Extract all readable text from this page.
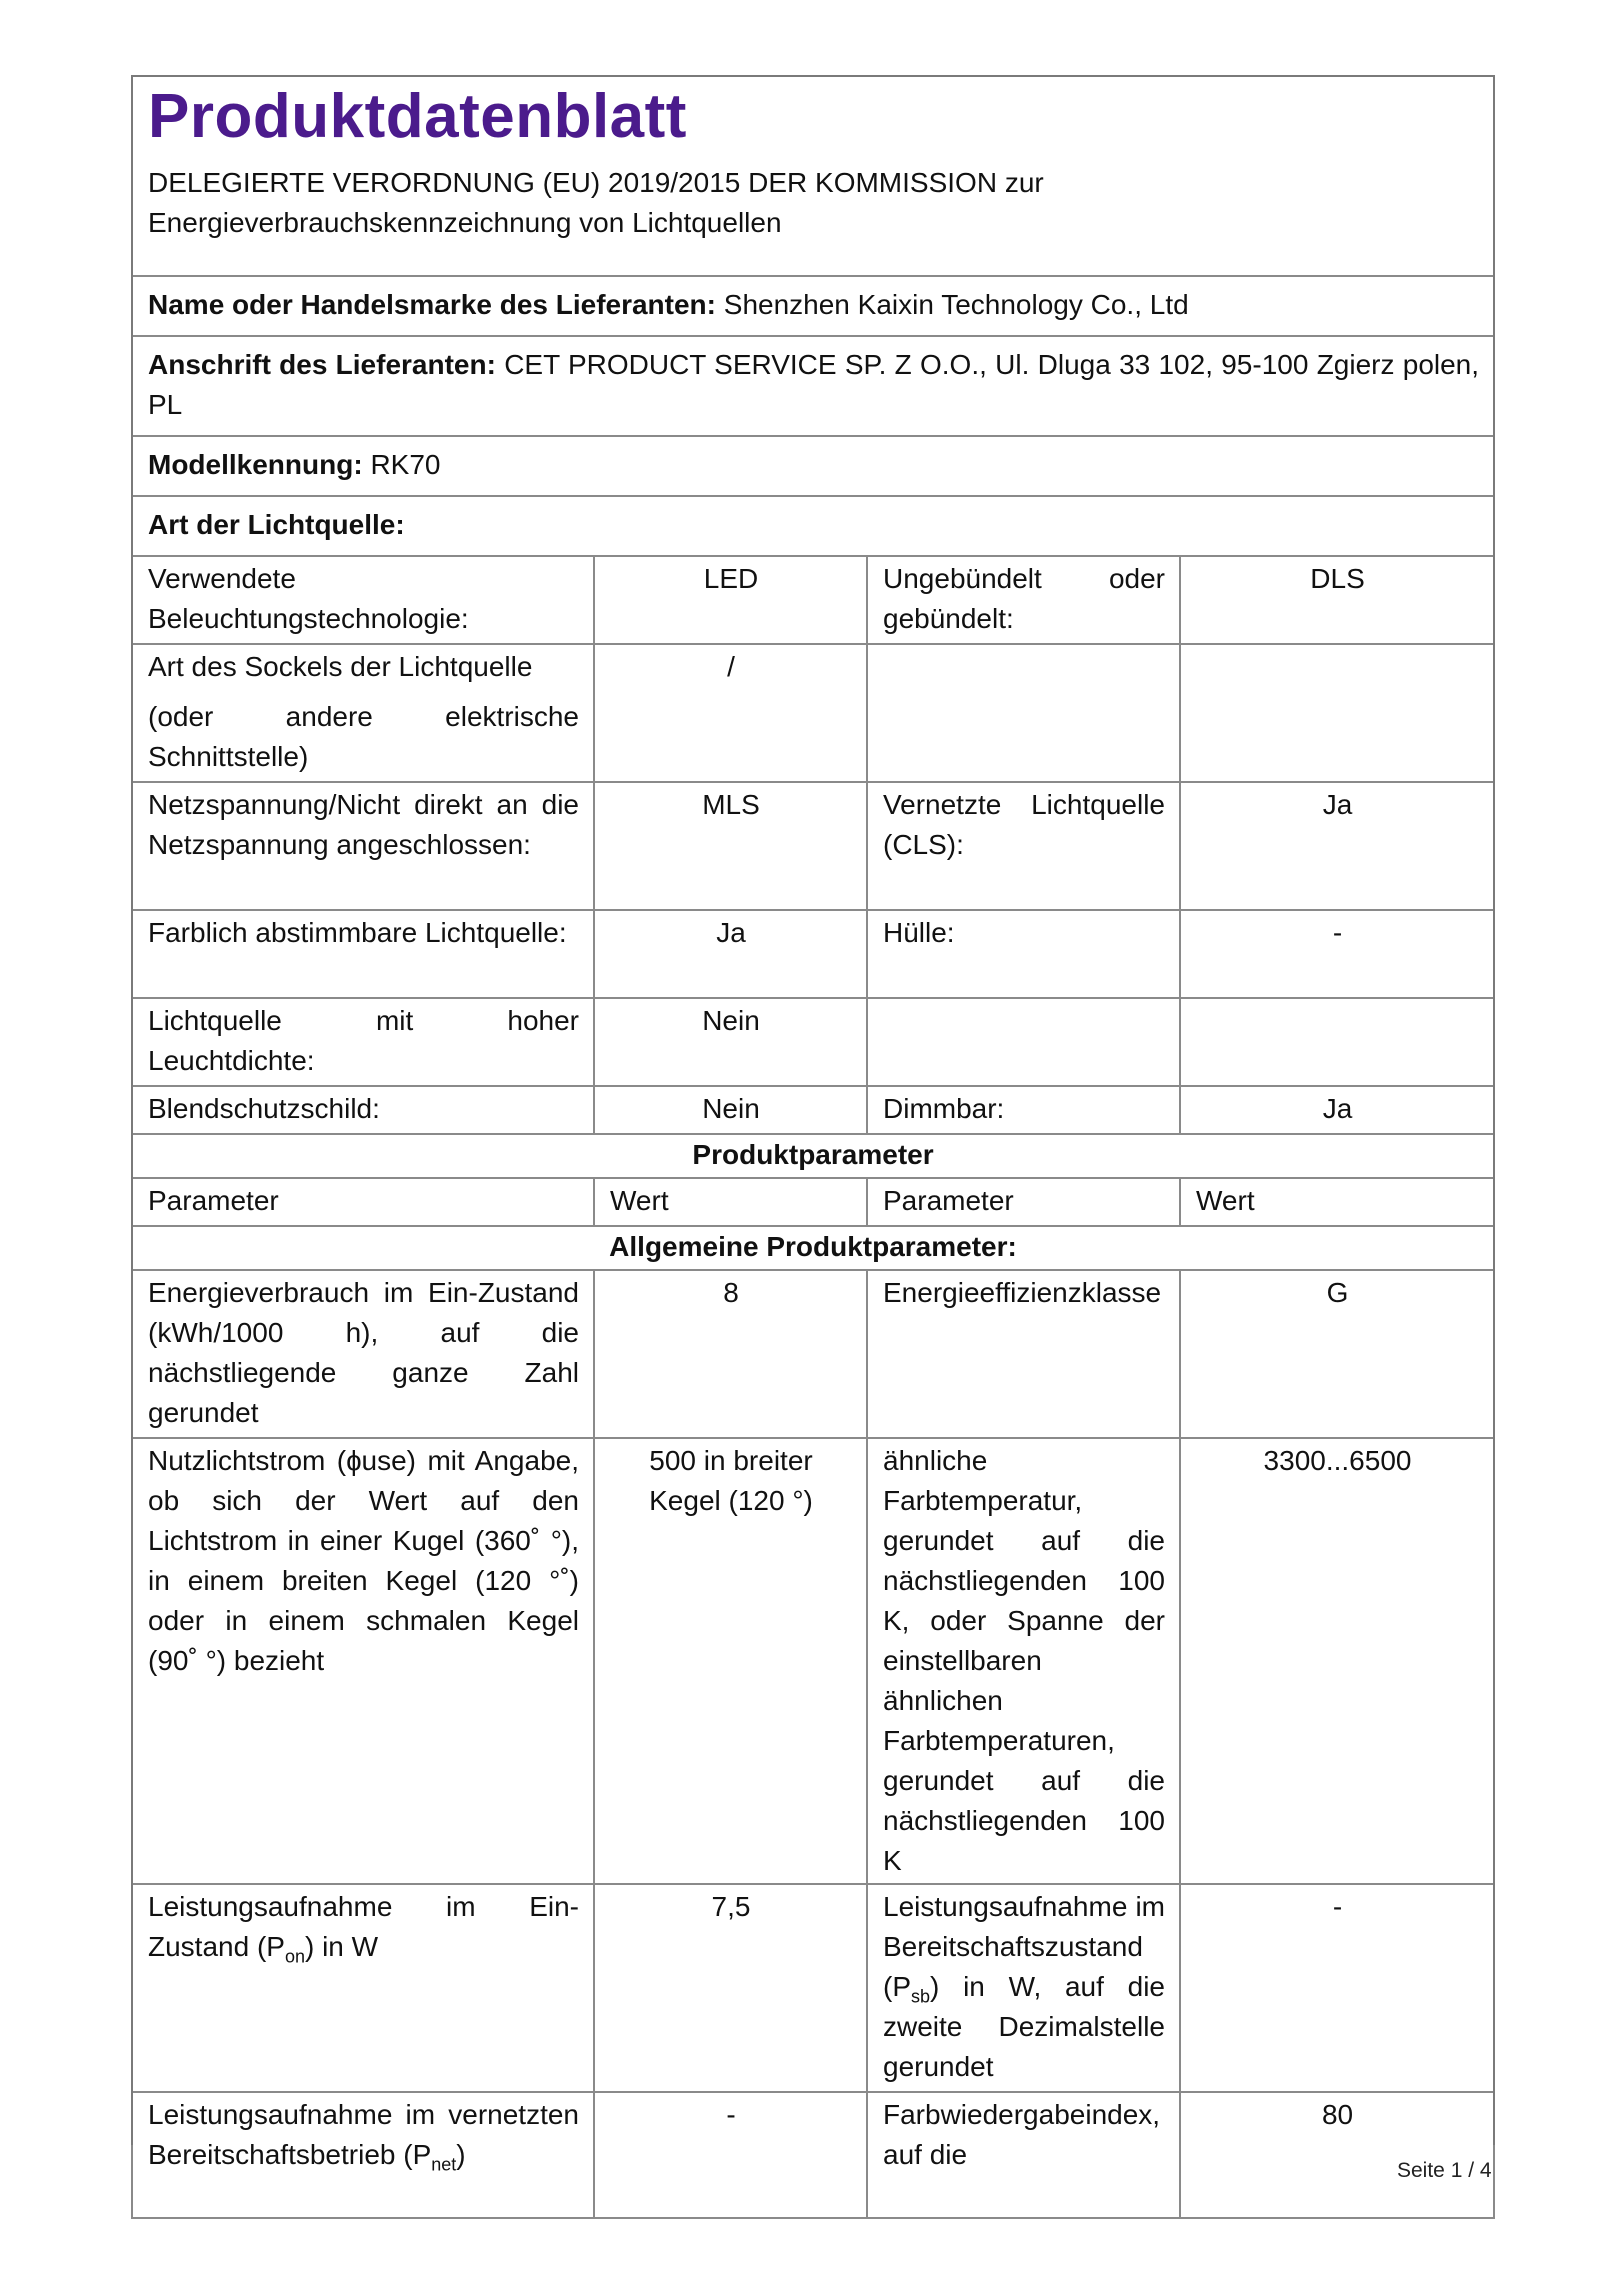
Produktdatenblatt
DELEGIERTE VERORDNUNG (EU) 2019/2015 DER KOMMISSION zur
Energieverbrauchskennzeichnung von Lichtquellen			

Name oder Handelsmarke des Lieferanten: Shenzhen Kaixin Technology Co., Ltd			
Anschrift des Lieferanten: CET PRODUCT SERVICE SP. Z O.O., Ul. Dluga 33 102, 95-100 Zgierz polen, PL			
Modellkennung: RK70			
Art der Lichtquelle:			
Verwendete Beleuchtungstechnologie:	LED	Ungebündelt oder gebündelt:	DLS

Art des Sockels der Lichtquelle
(oder andere elektrische Schnittstelle)	/		
Netzspannung/Nicht direkt an die Netzspannung angeschlossen:	MLS	Vernetzte Lichtquelle (CLS):	Ja
Farblich abstimmbare Lichtquelle:	Ja	Hülle:	-
Lichtquelle mit hoher Leuchtdichte:	Nein		
Blendschutzschild:	Nein	Dimmbar:	Ja
Produktparameter			
Parameter	Wert	Parameter	Wert
Allgemeine Produktparameter:			
Energieverbrauch im Ein-Zustand (kWh/1000 h), auf die nächstliegende ganze Zahl gerundet	8	Energieeffizienzklasse	G
Nutzlichtstrom (ɸuse) mit Angabe, ob sich der Wert auf den Lichtstrom in einer Kugel (360˚ °), in einem breiten Kegel (120 °˚) oder in einem schmalen Kegel (90˚ °) bezieht	500 in breiter Kegel (120 °)	ähnliche Farbtemperatur, gerundet auf die nächstliegenden 100 K, oder Spanne der einstellbaren ähnlichen Farbtemperaturen, gerundet auf die nächstliegenden 100 K	3300...6500
Leistungsaufnahme im Ein-Zustand $(P_{on})$ in W	7,5	Leistungsaufnahme im Bereitschaftszustand $(P_{sb})$ in W, auf die zweite Dezimalstelle gerundet	-
Leistungsaufnahme im vernetzten Bereitschaftsbetrieb $(P_{net})$	-	Farbwiedergabeindex, auf die	80
Seite 1 / 4
